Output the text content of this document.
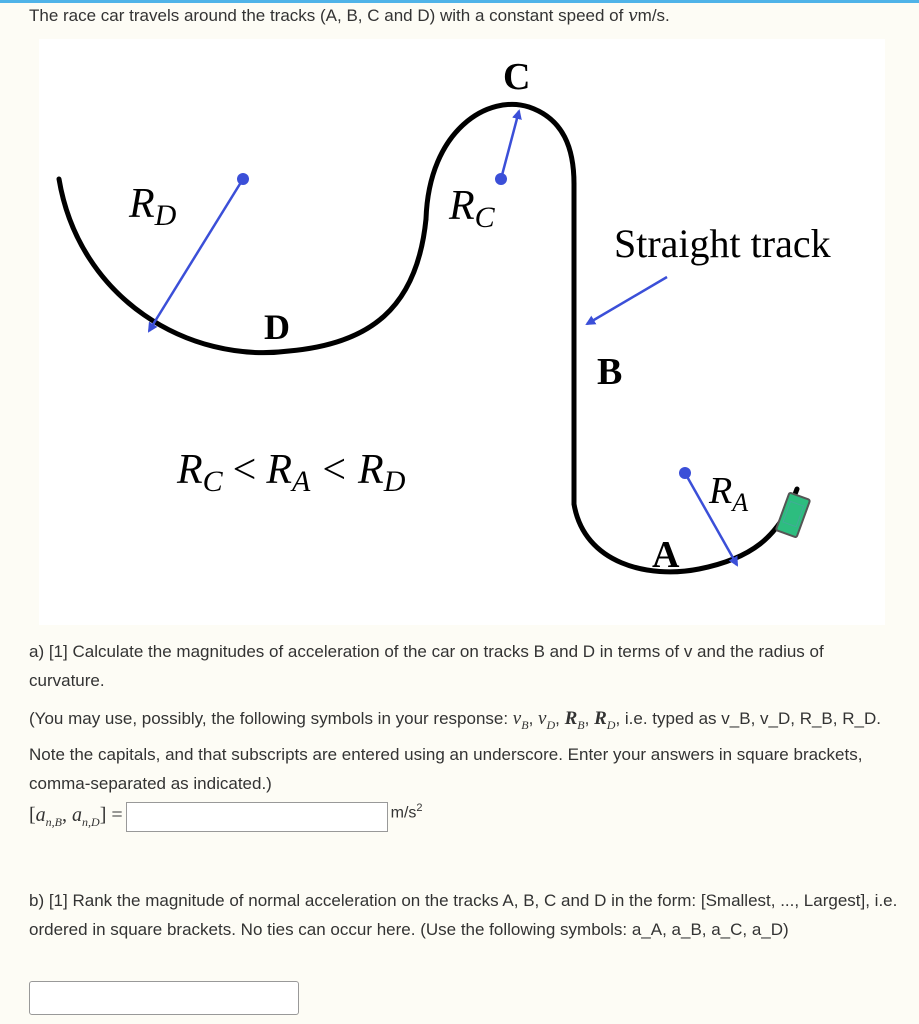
The race car travels around the tracks (A, B, C and D) with a constant speed of vm/s.
C
D
B
A
Straight track
RD	RC
$R_A$
RC < RA < RD
a) [1] Calculate the magnitudes of acceleration of the car on tracks B and D in terms of v and the radius of curvature.
(You may use, possibly, the following symbols in your response: $v_B$, $v_D$, $R_B$, $R_D$, i.e. typed as v_B, v_D, R_B, R_D. Note the capitals, and that subscripts are entered using an underscore. Enter your answers in square brackets, comma-separated as indicated.)
[$a_{n,B}$, $a_{n,D}$] =	$m/s^2$
b) [1] Rank the magnitude of normal acceleration on the tracks A, B, C and D in the form: [Smallest, ..., Largest], i.e. ordered in square brackets. No ties can occur here. (Use the following symbols: a_A, a_B, a_C, a_D)
